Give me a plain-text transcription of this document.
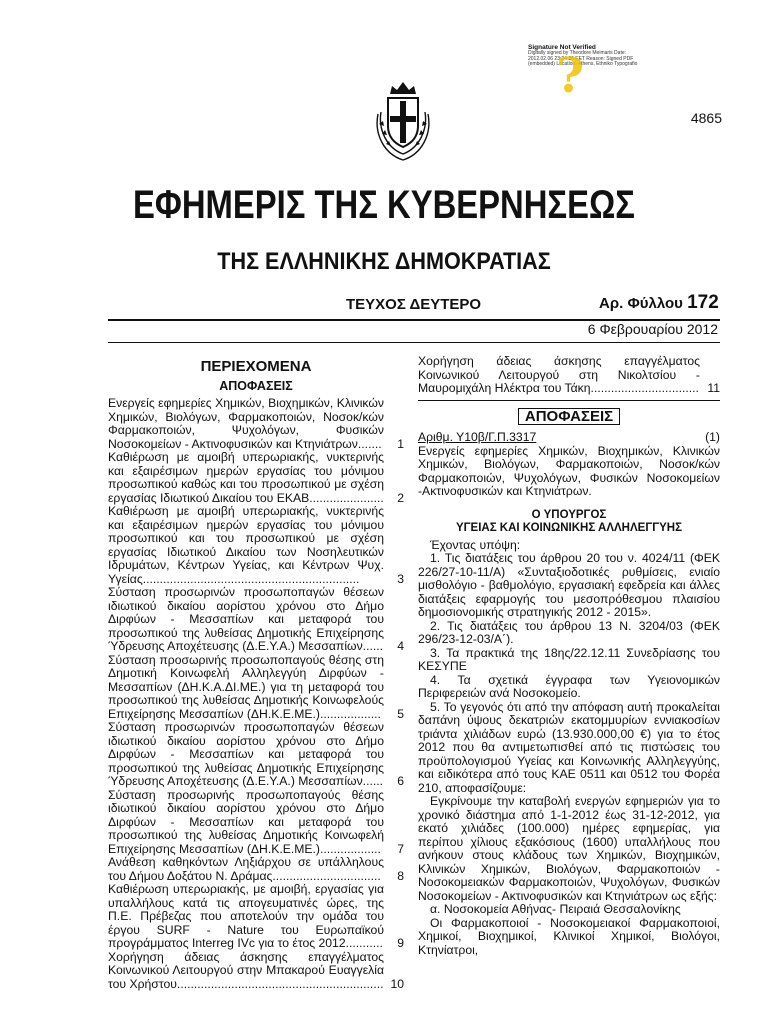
?
Signature Not Verified
Digitally signed by Theodore Meimaris Date: 2012.02.06 23:24:26 EET Reason: Signed PDF (embedded) Location: Athens, Ethniko Typografio
4865
ΕΦΗΜΕΡΙΣ ΤΗΣ ΚΥΒΕΡΝΗΣΕΩΣ
ΤΗΣ ΕΛΛΗΝΙΚΗΣ ΔΗΜΟΚΡΑΤΙΑΣ
ΤΕΥΧΟΣ ΔΕΥΤΕΡΟ	Αρ. Φύλλου 172
6 Φεβρουαρίου 2012
ΠΕΡΙΕΧΟΜΕΝΑ
ΑΠΟΦΑΣΕΙΣ
Ενεργείς εφημερίες Χημικών, Βιοχημικών, Κλινικών Χημικών, Βιολόγων, Φαρμακοποιών, Νοσοκ/κών Φαρμακοποιών, Ψυχολόγων, Φυσικών Νοσοκομείων - Ακτινοφυσικών και Κτηνιάτρων.......	1
Καθιέρωση με αμοιβή υπερωριακής, νυκτερινής και εξαιρέσιμων ημερών εργασίας του μόνιμου προσωπικού καθώς και του προσωπικού με σχέση εργασίας Ιδιωτικού Δικαίου του ΕΚΑΒ......................	2
Καθιέρωση με αμοιβή υπερωριακής, νυκτερινής και εξαιρέσιμων ημερών εργασίας του μόνιμου προσωπικού και του προσωπικού με σχέση εργασίας Ιδιωτικού Δικαίου των Νοσηλευτικών Ιδρυμάτων, Κέντρων Υγείας, και Κέντρων Ψυχ. Υγείας................................................................	3
Σύσταση προσωρινών προσωποπαγών θέσεων ιδιωτικού δικαίου αορίστου χρόνου στο Δήμο Διρφύων - Μεσσαπίων και μεταφορά του προσωπικού της λυθείσας Δημοτικής Επιχείρησης Ύδρευσης Αποχέτευσης (Δ.Ε.Υ.Α.) Μεσσαπίων......	4
Σύσταση προσωρινής προσωποπαγούς θέσης στη Δημοτική Κοινωφελή Αλληλεγγύη Διρφύων - Μεσσαπίων (ΔΗ.Κ.Α.ΔΙ.ΜΕ.) για τη μεταφορά του προσωπικού της λυθείσας Δημοτικής Κοινωφελούς Επιχείρησης Μεσσαπίων (ΔΗ.Κ.Ε.ΜΕ.)..................	5
Σύσταση προσωρινών προσωποπαγών θέσεων ιδιωτικού δικαίου αορίστου χρόνου στο Δήμο Διρφύων - Μεσσαπίων και μεταφορά του προσωπικού της λυθείσας Δημοτικής Επιχείρησης Ύδρευσης Αποχέτευσης (Δ.Ε.Υ.Α.) Μεσσαπίων......	6
Σύσταση προσωρινής προσωποπαγούς θέσης ιδιωτικού δικαίου αορίστου χρόνου στο Δήμο Διρφύων - Μεσσαπίων και μεταφορά του προσωπικού της λυθείσας Δημοτικής Κοινωφελή Επιχείρησης Μεσσαπίων (ΔΗ.Κ.Ε.ΜΕ.)..................	7
Ανάθεση καθηκόντων Ληξιάρχου σε υπάλληλους του Δήμου Δοξάτου Ν. Δράμας................................	8
Καθιέρωση υπερωριακής, με αμοιβή, εργασίας για υπαλλήλους κατά τις απογευματινές ώρες, της Π.Ε. Πρέβεζας που αποτελούν την ομάδα του έργου SURF - Nature του Ευρωπαϊκού προγράμματος Interreg IVc για το έτος 2012...........	9
Χορήγηση άδειας άσκησης επαγγέλματος Κοινωνικού Λειτουργού στην Μπακαρού Ευαγγελία του Χρήστου............................................................. 10
Χορήγηση άδειας άσκησης επαγγέλματος Κοινωνικού Λειτουργού στη Νικολτσίου - Μαυρομιχάλη Ηλέκτρα του Τάκη................................ 11
ΑΠΟΦΑΣΕΙΣ
Αριθμ. Υ10β/Γ.Π.3317	(1)
Ενεργείς εφημερίες Χημικών, Βιοχημικών, Κλινικών Χημικών, Βιολόγων, Φαρμακοποιών, Νοσοκ/κών Φαρμακοποιών, Ψυχολόγων, Φυσικών Νοσοκομείων -Ακτινοφυσικών και Κτηνιάτρων.
Ο ΥΠΟΥΡΓΟΣ
ΥΓΕΙΑΣ ΚΑΙ ΚΟΙΝΩΝΙΚΗΣ ΑΛΛΗΛΕΓΓΥΗΣ
Έχοντας υπόψη:
1. Τις διατάξεις του άρθρου 20 του ν. 4024/11 (ΦΕΚ 226/27-10-11/Α) «Συνταξιοδοτικές ρυθμίσεις, ενιαίο μισθολόγιο - βαθμολόγιο, εργασιακή εφεδρεία και άλλες διατάξεις εφαρμογής του μεσοπρόθεσμου πλαισίου δημοσιονομικής στρατηγικής 2012 - 2015».
2. Τις διατάξεις του άρθρου 13 Ν. 3204/03 (ΦΕΚ 296/23-12-03/Α΄).
3. Τα πρακτικά της 18ης/22.12.11 Συνεδρίασης του ΚΕΣΥΠΕ
4. Τα σχετικά έγγραφα των Υγειονομικών Περιφερειών ανά Νοσοκομείο.
5. Το γεγονός ότι από την απόφαση αυτή προκαλείται δαπάνη ύψους δεκατριών εκατομμυρίων εννιακοσίων τριάντα χιλιάδων ευρώ (13.930.000,00 €) για το έτος 2012 που θα αντιμετωπισθεί από τις πιστώσεις του προϋπολογισμού Υγείας και Κοινωνικής Αλληλεγγύης, και ειδικότερα από τους ΚΑΕ 0511 και 0512 του Φορέα 210, αποφασίζουμε:
Εγκρίνουμε την καταβολή ενεργών εφημεριών για το χρονικό διάστημα από 1-1-2012 έως 31-12-2012, για εκατό χιλιάδες (100.000) ημέρες εφημερίας, για περίπου χίλιους εξακόσιους (1600) υπαλλήλους που ανήκουν στους κλάδους των Χημικών, Βιοχημικών, Κλινικών Χημικών, Βιολόγων, Φαρμακοποιών - Νοσοκομειακών Φαρμακοποιών, Ψυχολόγων, Φυσικών Νοσοκομείων - Ακτινοφυσικών και Κτηνιάτρων ως εξής:
α. Νοσοκομεία Αθήνας- Πειραιά Θεσσαλονίκης
Οι Φαρμακοποιοί - Νοσοκομειακοί Φαρμακοποιοί, Χημικοί, Βιοχημικοί, Κλινικοί Χημικοί, Βιολόγοι, Κτηνίατροι,
